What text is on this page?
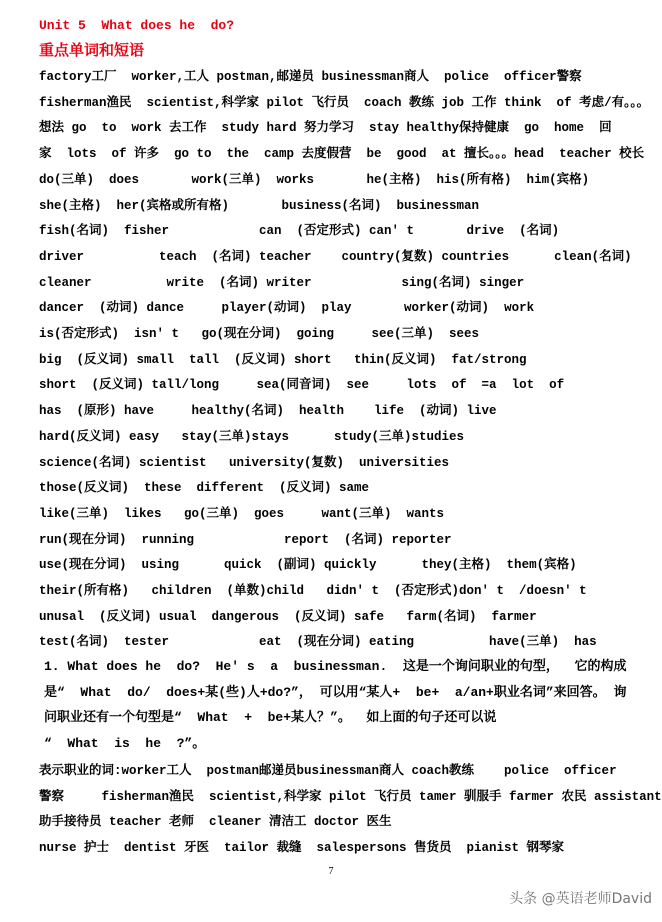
Unit 5  What does he  do?
重点单词和短语
factory工厂  worker,工人 postman,邮递员 businessman商人  police  officer警察
fisherman渔民  scientist,科学家 pilot 飞行员  coach 教练 job 工作 think  of 考虑/有。。。
想法 go  to  work 去工作  study hard 努力学习  stay healthy保持健康  go  home  回
家  lots  of 许多  go to  the  camp 去度假营  be  good  at 擅长。。。head  teacher 校长
do(三单)  does       work(三单)  works       he(主格)  his(所有格)  him(宾格)
she(主格)  her(宾格或所有格)       business(名词)  businessman
fish(名词)  fisher            can  (否定形式) can' t       drive  (名词)
driver          teach  (名词) teacher    country(复数) countries      clean(名词)
cleaner          write  (名词) writer            sing(名词) singer
dancer  (动词) dance     player(动词)  play       worker(动词)  work
is(否定形式)  isn' t   go(现在分词)  going     see(三单)  sees
big  (反义词) small  tall  (反义词) short   thin(反义词)  fat/strong
short  (反义词) tall/long     sea(同音词)  see     lots  of  =a  lot  of
has  (原形) have     healthy(名词)  health    life  (动词) live
hard(反义词) easy   stay(三单)stays      study(三单)studies
science(名词) scientist   university(复数)  universities
those(反义词)  these  different  (反义词) same
like(三单)  likes   go(三单)  goes     want(三单)  wants
run(现在分词)  running            report  (名词) reporter
use(现在分词)  using      quick  (副词) quickly      they(主格)  them(宾格)
their(所有格)   children  (单数)child   didn' t  (否定形式)don' t  /doesn' t
unusal  (反义词) usual  dangerous  (反义词) safe   farm(名词)  farmer
test(名词)  tester            eat  (现在分词) eating          have(三单)  has
1. What does he  do?  He' s  a  businessman.  这是一个询问职业的句型，  它的构成
是“  What  do/  does+某(些)人+do?”， 可以用“某人+  be+  a/an+职业名词”来回答。 询
问职业还有一个句型是“  What  +  be+某人？”。  如上面的句子还可以说
“  What  is  he  ?”。
表示职业的词:worker工人  postman邮递员businessman商人 coach教练    police  officer
警察     fisherman渔民  scientist,科学家 pilot 飞行员 tamer 驯服手 farmer 农民 assistant
助手接待员 teacher 老师  cleaner 清洁工 doctor 医生
nurse 护士  dentist 牙医  tailor 裁缝  salespersons 售货员  pianist 钢琴家
7
头条 @英语老师David
